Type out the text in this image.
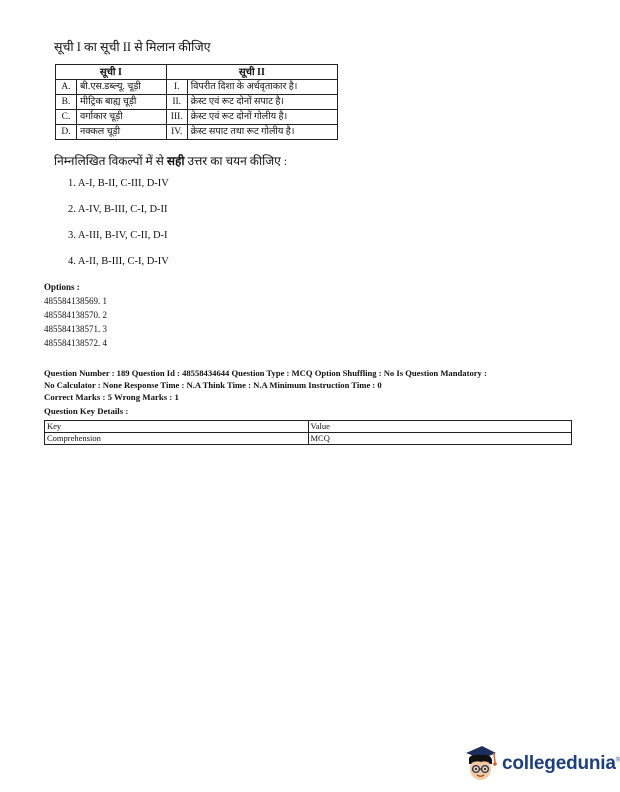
सूची I का सूची II से मिलान कीजिए
सूची I		सूची II	
A.	बी.एस.डब्ल्यू. चूड़ी	I.	विपरीत दिशा के अर्धवृताकार है।
B.	मीट्रिक बाह्य चूड़ी	II.	क्रेस्ट एवं रूट दोनों सपाट है।
C.	वर्गाकार चूड़ी	III.	क्रेस्ट एवं रूट दोनों गोलीय है।
D.	नक्कल चूड़ी	IV.	क्रेस्ट सपाट तथा रूट गोलीय है।
निम्नलिखित विकल्पों में से सही उत्तर का चयन कीजिए :
1. A-I, B-II, C-III, D-IV
2. A-IV, B-III, C-I, D-II
3. A-III, B-IV, C-II, D-I
4. A-II, B-III, C-I, D-IV
Options :
485584138569. 1
485584138570. 2
485584138571. 3
485584138572. 4
Question Number : 189 Question Id : 48558434644 Question Type : MCQ Option Shuffling : No Is Question Mandatory :
No Calculator : None Response Time : N.A Think Time : N.A Minimum Instruction Time : 0
Correct Marks : 5 Wrong Marks : 1
Question Key Details :
Key	Value
Comprehension	MCQ
collegedunia®
